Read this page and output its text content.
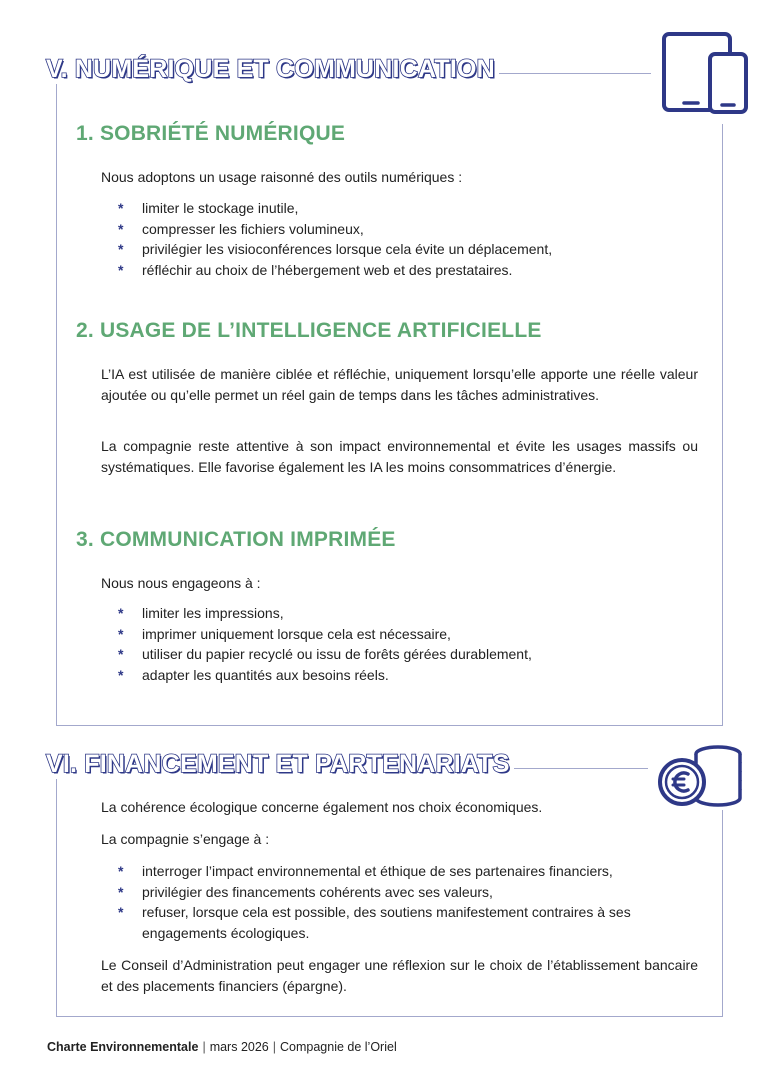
V. NUMÉRIQUE ET COMMUNICATION
1. SOBRIÉTÉ NUMÉRIQUE

Nous adoptons un usage raisonné des outils numériques :

* limiter le stockage inutile,
* compresser les fichiers volumineux,
* privilégier les visioconférences lorsque cela évite un déplacement,
* réfléchir au choix de l’hébergement web et des prestataires.
2. USAGE DE L’INTELLIGENCE ARTIFICIELLE

L’IA est utilisée de manière ciblée et réfléchie, uniquement lorsqu’elle apporte une réelle valeur ajoutée ou qu’elle permet un réel gain de temps dans les tâches administratives.

La compagnie reste attentive à son impact environnemental et évite les usages massifs ou systématiques. Elle favorise également les IA les moins consommatrices d’énergie.

3. COMMUNICATION IMPRIMÉE

Nous nous engageons à :

* limiter les impressions,
* imprimer uniquement lorsque cela est nécessaire,
* utiliser du papier recyclé ou issu de forêts gérées durablement,
* adapter les quantités aux besoins réels.
VI. FINANCEMENT ET PARTENARIATS

La cohérence écologique concerne également nos choix économiques.

La compagnie s’engage à :

* interroger l’impact environnemental et éthique de ses partenaires financiers,
* privilégier des financements cohérents avec ses valeurs,
* refuser, lorsque cela est possible, des soutiens manifestement contraires à ses engagements écologiques.

Le Conseil d’Administration peut engager une réflexion sur le choix de l’établissement bancaire et des placements financiers (épargne).

Charte Environnementale | mars 2026 | Compagnie de l’Oriel
